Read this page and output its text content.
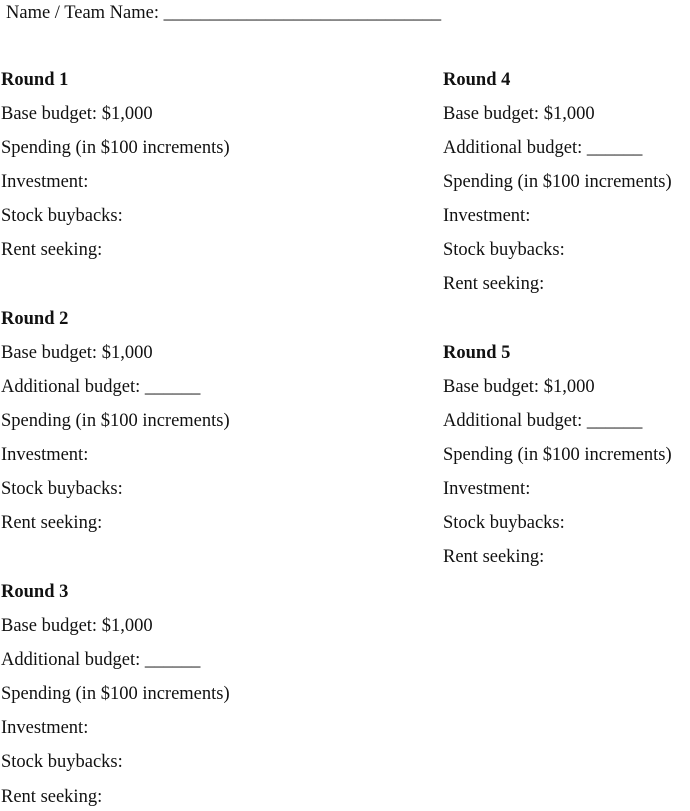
Name / Team Name: ______________________________
Round 1
Base budget: $1,000
Spending (in $100 increments)
Investment:
Stock buybacks:
Rent seeking:
Round 2
Base budget: $1,000
Additional budget: ______
Spending (in $100 increments)
Investment:
Stock buybacks:
Rent seeking:
Round 3
Base budget: $1,000
Additional budget: ______
Spending (in $100 increments)
Investment:
Stock buybacks:
Rent seeking:
Round 4
Base budget: $1,000
Additional budget: ______
Spending (in $100 increments)
Investment:
Stock buybacks:
Rent seeking:
Round 5
Base budget: $1,000
Additional budget: ______
Spending (in $100 increments)
Investment:
Stock buybacks:
Rent seeking:
